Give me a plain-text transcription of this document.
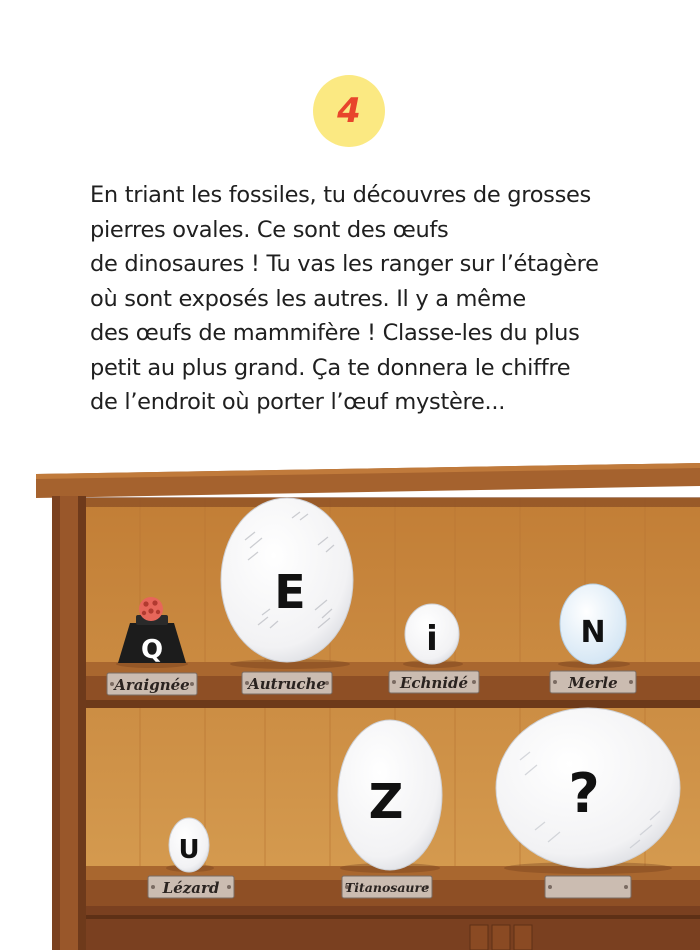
4
En triant les fossiles, tu découvres de grosses
pierres ovales. Ce sont des œufs
de dinosaures ! Tu vas les ranger sur l’étagère
où sont exposés les autres. Il y a même
des œufs de mammifère ! Classe-les du plus
petit au plus grand. Ça te donnera le chiffre
de l’endroit où porter l’œuf mystère...
Q
E
i	N
U
Z	?
Araignée	Autruche	Echnidé	Merle
Lézard	Titanosaure
